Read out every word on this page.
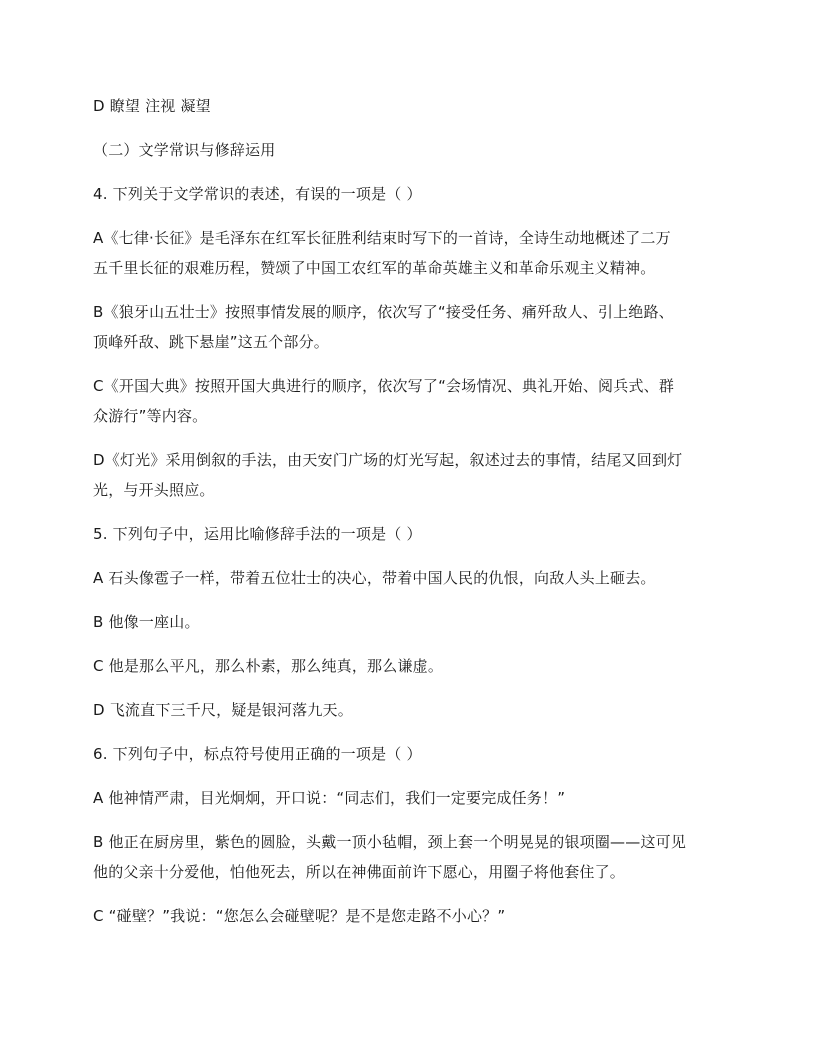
D 瞭望 注视 凝望
（二）文学常识与修辞运用
4. 下列关于文学常识的表述，有误的一项是（ ）
A《七律·长征》是毛泽东在红军长征胜利结束时写下的一首诗，全诗生动地概述了二万
五千里长征的艰难历程，赞颂了中国工农红军的革命英雄主义和革命乐观主义精神。
B《狼牙山五壮士》按照事情发展的顺序，依次写了“接受任务、痛歼敌人、引上绝路、
顶峰歼敌、跳下悬崖”这五个部分。
C《开国大典》按照开国大典进行的顺序，依次写了“会场情况、典礼开始、阅兵式、群
众游行”等内容。
D《灯光》采用倒叙的手法，由天安门广场的灯光写起，叙述过去的事情，结尾又回到灯
光，与开头照应。
5. 下列句子中，运用比喻修辞手法的一项是（ ）
A 石头像雹子一样，带着五位壮士的决心，带着中国人民的仇恨，向敌人头上砸去。
B 他像一座山。
C 他是那么平凡，那么朴素，那么纯真，那么谦虚。
D 飞流直下三千尺，疑是银河落九天。
6. 下列句子中，标点符号使用正确的一项是（ ）
A 他神情严肃，目光炯炯，开口说：“同志们，我们一定要完成任务！”
B 他正在厨房里，紫色的圆脸，头戴一顶小毡帽，颈上套一个明晃晃的银项圈——这可见
他的父亲十分爱他，怕他死去，所以在神佛面前许下愿心，用圈子将他套住了。
C “碰壁？”我说：“您怎么会碰壁呢？是不是您走路不小心？”
